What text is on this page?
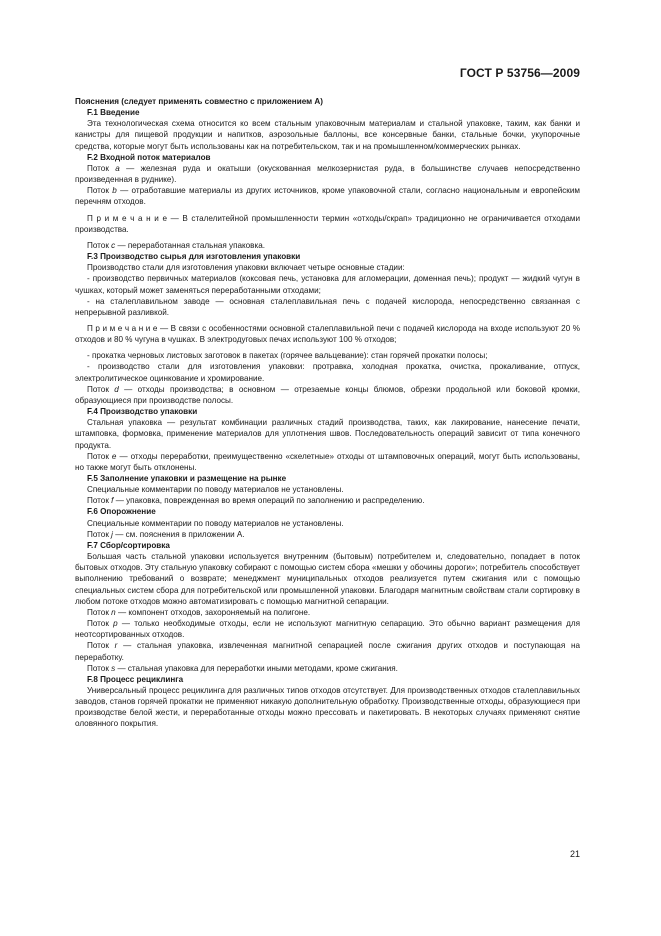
ГОСТ Р 53756—2009

Пояснения (следует применять совместно с приложением А)

F.1 Введение

Эта технологическая схема относится ко всем стальным упаковочным материалам и стальной упаковке, таким, как банки и канистры для пищевой продукции и напитков, аэрозольные баллоны, все консервные банки, стальные бочки, укупорочные средства, которые могут быть использованы как на потребительском, так и на промышленном/коммерческих рынках.

F.2 Входной поток материалов

Поток а — железная руда и окатыши (окускованная мелкозернистая руда, в большинстве случаев непосредственно произведенная в руднике).

Поток b — отработавшие материалы из других источников, кроме упаковочной стали, согласно национальным и европейским перечням отходов.

П р и м е ч а н и е — В сталелитейной промышленности термин «отходы/скрап» традиционно не ограничивается отходами производства.

Поток с — переработанная стальная упаковка.

F.3 Производство сырья для изготовления упаковки

Производство стали для изготовления упаковки включает четыре основные стадии:

- производство первичных материалов (коксовая печь, установка для агломерации, доменная печь); продукт — жидкий чугун в чушках, который может заменяться переработанными отходами;

- на сталеплавильном заводе — основная сталеплавильная печь с подачей кислорода, непосредственно связанная с непрерывной разливкой.

П р и м е ч а н и е — В связи с особенностями основной сталеплавильной печи с подачей кислорода на входе используют 20 % отходов и 80 % чугуна в чушках. В электродуговых печах используют 100 % отходов;

- прокатка черновых листовых заготовок в пакетах (горячее вальцевание): стан горячей прокатки полосы;

- производство стали для изготовления упаковки: протравка, холодная прокатка, очистка, прокаливание, отпуск, электролитическое оцинкование и хромирование.

Поток d — отходы производства; в основном — отрезаемые концы блюмов, обрезки продольной или боковой кромки, образующиеся при производстве полосы.

F.4 Производство упаковки

Стальная упаковка — результат комбинации различных стадий производства, таких, как лакирование, нанесение печати, штамповка, формовка, применение материалов для уплотнения швов. Последовательность операций зависит от типа конечного продукта.

Поток е — отходы переработки, преимущественно «скелетные» отходы от штамповочных операций, могут быть использованы, но также могут быть отклонены.

F.5 Заполнение упаковки и размещение на рынке

Специальные комментарии по поводу материалов не установлены.

Поток f — упаковка, поврежденная во время операций по заполнению и распределению.

F.6 Опорожнение

Специальные комментарии по поводу материалов не установлены.

Поток j — см. пояснения в приложении А.

F.7 Сбор/сортировка

Большая часть стальной упаковки используется внутренним (бытовым) потребителем и, следовательно, попадает в поток бытовых отходов. Эту стальную упаковку собирают с помощью систем сбора «мешки у обочины дороги»; потребитель способствует выполнению требований о возврате; менеджмент муниципальных отходов реализуется путем сжигания или с помощью специальных систем сбора для потребительской или промышленной упаковки. Благодаря магнитным свойствам стали сортировку в любом потоке отходов можно автоматизировать с помощью магнитной сепарации.

Поток n — компонент отходов, захороняемый на полигоне.

Поток р — только необходимые отходы, если не используют магнитную сепарацию. Это обычно вариант размещения для неотсортированных отходов.

Поток r — стальная упаковка, извлеченная магнитной сепарацией после сжигания других отходов и поступающая на переработку.

Поток s — стальная упаковка для переработки иными методами, кроме сжигания.

F.8 Процесс рециклинга

Универсальный процесс рециклинга для различных типов отходов отсутствует. Для производственных отходов сталеплавильных заводов, станов горячей прокатки не применяют никакую дополнительную обработку. Производственные отходы, образующиеся при производстве белой жести, и переработанные отходы можно прессовать и пакетировать. В некоторых случаях применяют снятие оловянного покрытия.

21
